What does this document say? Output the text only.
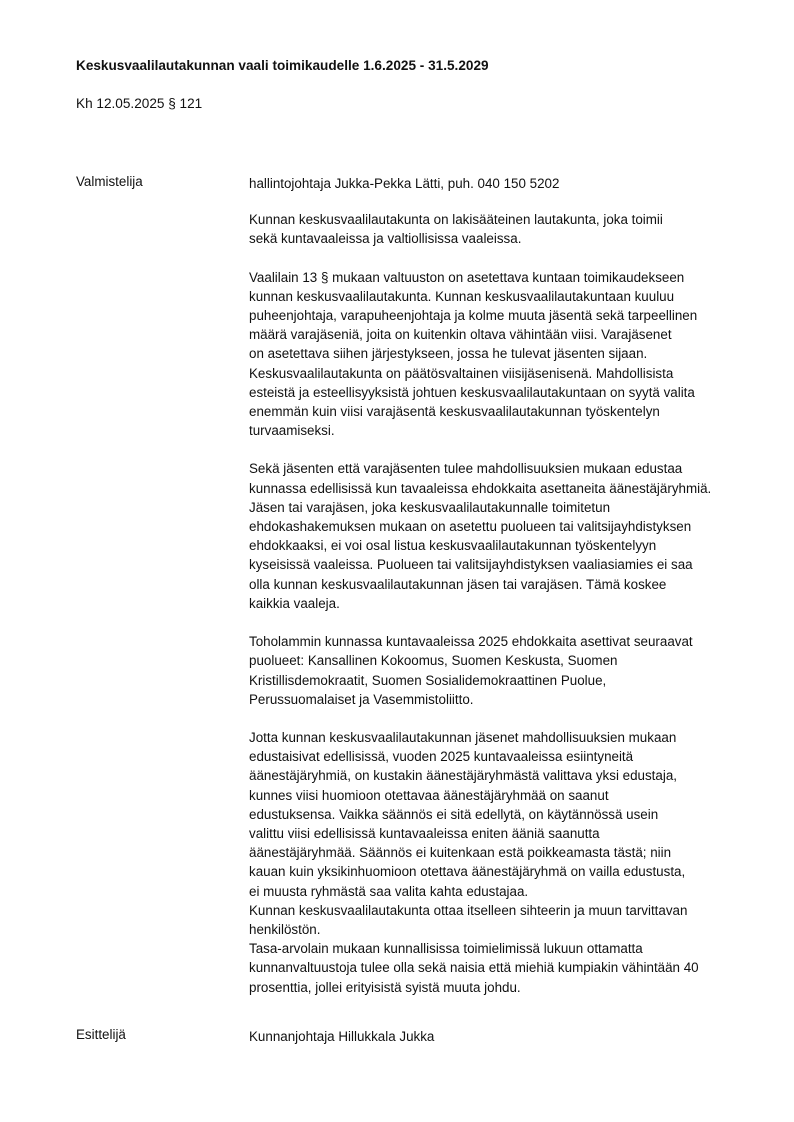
Keskusvaalilautakunnan vaali toimikaudelle 1.6.2025 - 31.5.2029
Kh 12.05.2025 § 121
Valmistelija	hallintojohtaja Jukka-Pekka Lätti, puh. 040 150 5202
Kunnan keskusvaalilautakunta on lakisääteinen lautakunta, joka toimii
sekä kuntavaaleissa ja valtiollisissa vaaleissa.
Vaalilain 13 § mukaan valtuuston on asetettava kuntaan toimikaudekseen
kunnan keskusvaalilautakunta. Kunnan keskusvaalilautakuntaan kuuluu
puheenjohtaja, varapuheenjohtaja ja kolme muuta jäsentä sekä tarpeellinen
määrä varajäseniä, joita on kuitenkin oltava vähintään viisi. Varajäsenet
on asetettava siihen järjestykseen, jossa he tulevat jäsenten sijaan.
Keskusvaalilautakunta on päätösvaltainen viisijäsenisenä. Mahdollisista
esteistä ja esteellisyyksistä johtuen keskusvaalilautakuntaan on syytä valita
enemmän kuin viisi varajäsentä keskusvaalilautakunnan työskentelyn
turvaamiseksi.
Sekä jäsenten että varajäsenten tulee mahdollisuuksien mukaan edustaa
kunnassa edellisissä kun tavaaleissa ehdokkaita asettaneita äänestäjäryhmiä.
Jäsen tai varajäsen, joka keskusvaalilautakunnalle toimitetun
ehdokashakemuksen mukaan on asetettu puolueen tai valitsijayhdistyksen
ehdokkaaksi, ei voi osal listua keskusvaalilautakunnan työskentelyyn
kyseisissä vaaleissa. Puolueen tai valitsijayhdistyksen vaaliasiamies ei saa
olla kunnan keskusvaalilautakunnan jäsen tai varajäsen. Tämä koskee
kaikkia vaaleja.
Toholammin kunnassa kuntavaaleissa 2025 ehdokkaita asettivat seuraavat
puolueet: Kansallinen Kokoomus, Suomen Keskusta, Suomen
Kristillisdemokraatit, Suomen Sosialidemokraattinen Puolue,
Perussuomalaiset ja Vasemmistoliitto.
Jotta kunnan keskusvaalilautakunnan jäsenet mahdollisuuksien mukaan
edustaisivat edellisissä, vuoden 2025 kuntavaaleissa esiintyneitä
äänestäjäryhmiä, on kustakin äänestäjäryhmästä valittava yksi edustaja,
kunnes viisi huomioon otettavaa äänestäjäryhmää on saanut
edustuksensa. Vaikka säännös ei sitä edellytä, on käytännössä usein
valittu viisi edellisissä kuntavaaleissa eniten ääniä saanutta
äänestäjäryhmää. Säännös ei kuitenkaan estä poikkeamasta tästä; niin
kauan kuin yksikinhuomioon otettava äänestäjäryhmä on vailla edustusta,
ei muusta ryhmästä saa valita kahta edustajaa.
Kunnan keskusvaalilautakunta ottaa itselleen sihteerin ja muun tarvittavan
henkilöstön.
Tasa-arvolain mukaan kunnallisissa toimielimissä lukuun ottamatta
kunnanvaltuustoja tulee olla sekä naisia että miehiä kumpiakin vähintään 40
prosenttia, jollei erityisistä syistä muuta johdu.
Esittelijä	Kunnanjohtaja Hillukkala Jukka
